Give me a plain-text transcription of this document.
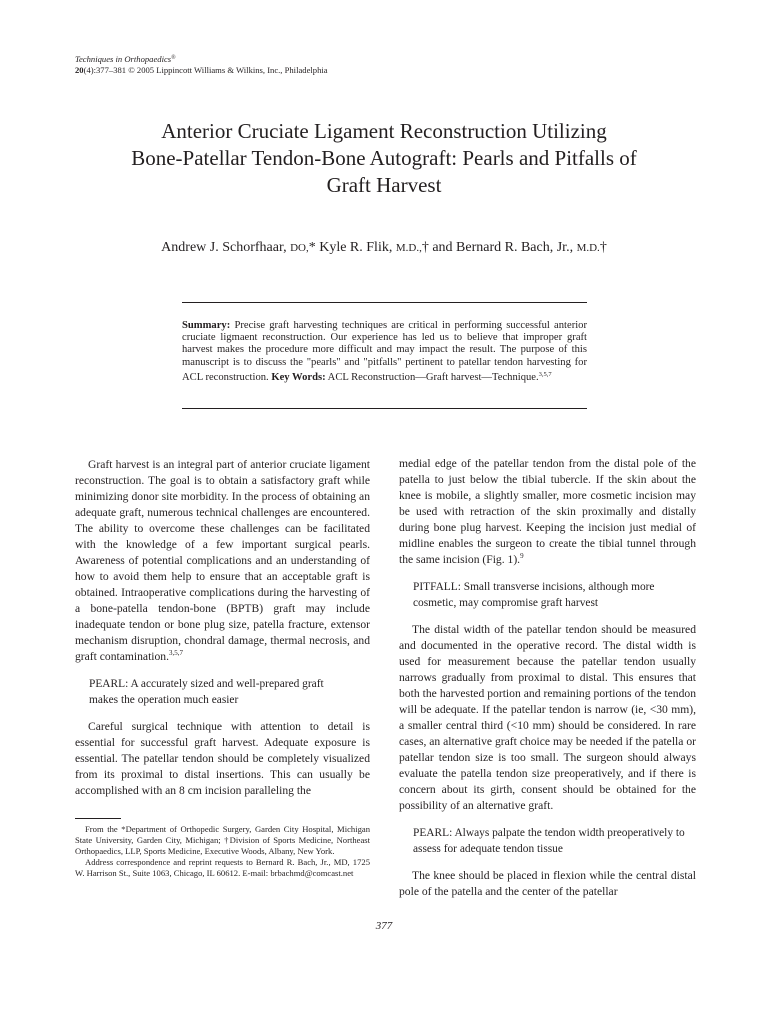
Techniques in Orthopaedics®
20(4):377–381 © 2005 Lippincott Williams & Wilkins, Inc., Philadelphia
Anterior Cruciate Ligament Reconstruction Utilizing
Bone-Patellar Tendon-Bone Autograft: Pearls and Pitfalls of
Graft Harvest
Andrew J. Schorfhaar, DO,* Kyle R. Flik, M.D.,† and Bernard R. Bach, Jr., M.D.†
Summary: Precise graft harvesting techniques are critical in performing successful anterior cruciate ligmaent reconstruction. Our experience has led us to believe that improper graft harvest makes the procedure more difficult and may impact the result. The purpose of this manuscript is to discuss the "pearls" and "pitfalls" pertinent to patellar tendon harvesting for ACL reconstruction. Key Words: ACL Reconstruction—Graft harvest—Technique.$^{3,5,7}$

Graft harvest is an integral part of anterior cruciate ligament reconstruction. The goal is to obtain a satisfactory graft while minimizing donor site morbidity. In the process of obtaining an adequate graft, numerous technical challenges are encountered. The ability to overcome these challenges can be facilitated with the knowledge of a few important surgical pearls. Awareness of potential complications and an understanding of how to avoid them help to ensure that an acceptable graft is obtained. Intraoperative complications during the harvesting of a bone-patella tendon-bone (BPTB) graft may include inadequate tendon or bone plug size, patella fracture, extensor mechanism disruption, chondral damage, thermal necrosis, and graft contamination.$^{3,5,7}$

PEARL: A accurately sized and well-prepared graft makes the operation much easier

Careful surgical technique with attention to detail is essential for successful graft harvest. Adequate exposure is essential. The patellar tendon should be completely visualized from its proximal to distal insertions. This can usually be accomplished with an 8 cm incision paralleling the

medial edge of the patellar tendon from the distal pole of the patella to just below the tibial tubercle. If the skin about the knee is mobile, a slightly smaller, more cosmetic incision may be used with retraction of the skin proximally and distally during bone plug harvest. Keeping the incision just medial of midline enables the surgeon to create the tibial tunnel through the same incision (Fig. 1).$^9$

PITFALL: Small transverse incisions, although more cosmetic, may compromise graft harvest

The distal width of the patellar tendon should be measured and documented in the operative record. The distal width is used for measurement because the patellar tendon usually narrows gradually from proximal to distal. This ensures that both the harvested portion and remaining portions of the tendon will be adequate. If the patellar tendon is narrow (ie, <30 mm), a smaller central third (<10 mm) should be considered. In rare cases, an alternative graft choice may be needed if the patella or patellar tendon size is too small. The surgeon should always evaluate the patella tendon size preoperatively, and if there is concern about its girth, consent should be obtained for the possibility of an alternative graft.

PEARL: Always palpate the tendon width preoperatively to assess for adequate tendon tissue

The knee should be placed in flexion while the central distal pole of the patella and the center of the patellar

From the *Department of Orthopedic Surgery, Garden City Hospital, Michigan State University, Garden City, Michigan; †Division of Sports Medicine, Northeast Orthopaedics, LLP, Sports Medicine, Executive Woods, Albany, New York.

Address correspondence and reprint requests to Bernard R. Bach, Jr., MD, 1725 W. Harrison St., Suite 1063, Chicago, IL 60612. E-mail: brbachmd@comcast.net

377
